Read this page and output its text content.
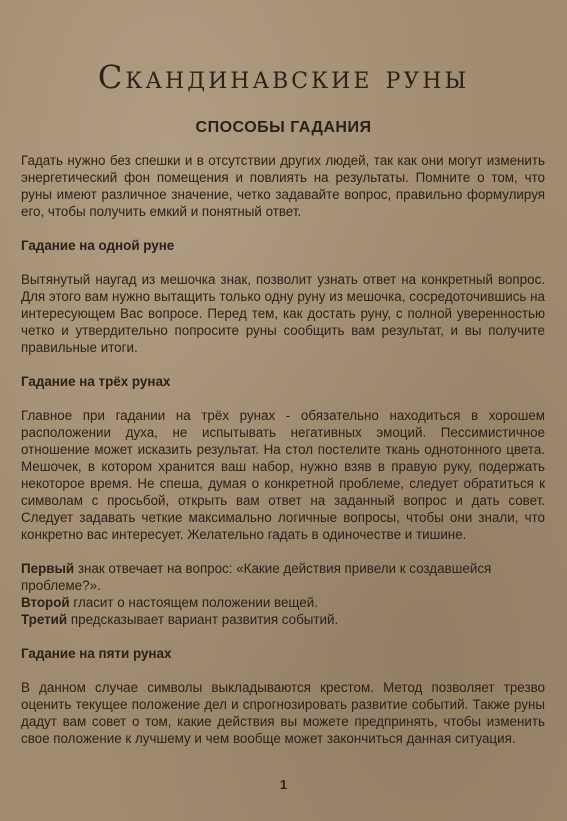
Скандинавские руны
СПОСОБЫ ГАДАНИЯ

Гадать нужно без спешки и в отсутствии других людей, так как они могут изменить энергетический фон помещения и повлиять на результаты. Помните о том, что руны имеют различное значение, четко задавайте вопрос, правильно формулируя его, чтобы получить емкий и понятный ответ.

Гадание на одной руне

Вытянутый наугад из мешочка знак, позволит узнать ответ на конкретный вопрос. Для этого вам нужно вытащить только одну руну из мешочка, сосредоточившись на интересующем Вас вопросе. Перед тем, как достать руну, с полной уверенностью четко и утвердительно попросите руны сообщить вам результат, и вы получите правильные итоги.

Гадание на трёх рунах

Главное при гадании на трёх рунах - обязательно находиться в хорошем расположении духа, не испытывать негативных эмоций. Пессимистичное отношение может исказить результат. На стол постелите ткань однотонного цвета. Мешочек, в котором хранится ваш набор, нужно взяв в правую руку, подержать некоторое время. Не спеша, думая о конкретной проблеме, следует обратиться к символам с просьбой, открыть вам ответ на заданный вопрос и дать совет. Следует задавать четкие максимально логичные вопросы, чтобы они знали, что конкретно вас интересует. Желательно гадать в одиночестве и тишине.

Первый знак отвечает на вопрос: «Какие действия привели к создавшейся проблеме?».
Второй гласит о настоящем положении вещей.
Третий предсказывает вариант развития событий.
Гадание на пяти рунах

В данном случае символы выкладываются крестом. Метод позволяет трезво оценить текущее положение дел и спрогнозировать развитие событий. Также руны дадут вам совет о том, какие действия вы можете предпринять, чтобы изменить свое положение к лучшему и чем вообще может закончиться данная ситуация.

1
